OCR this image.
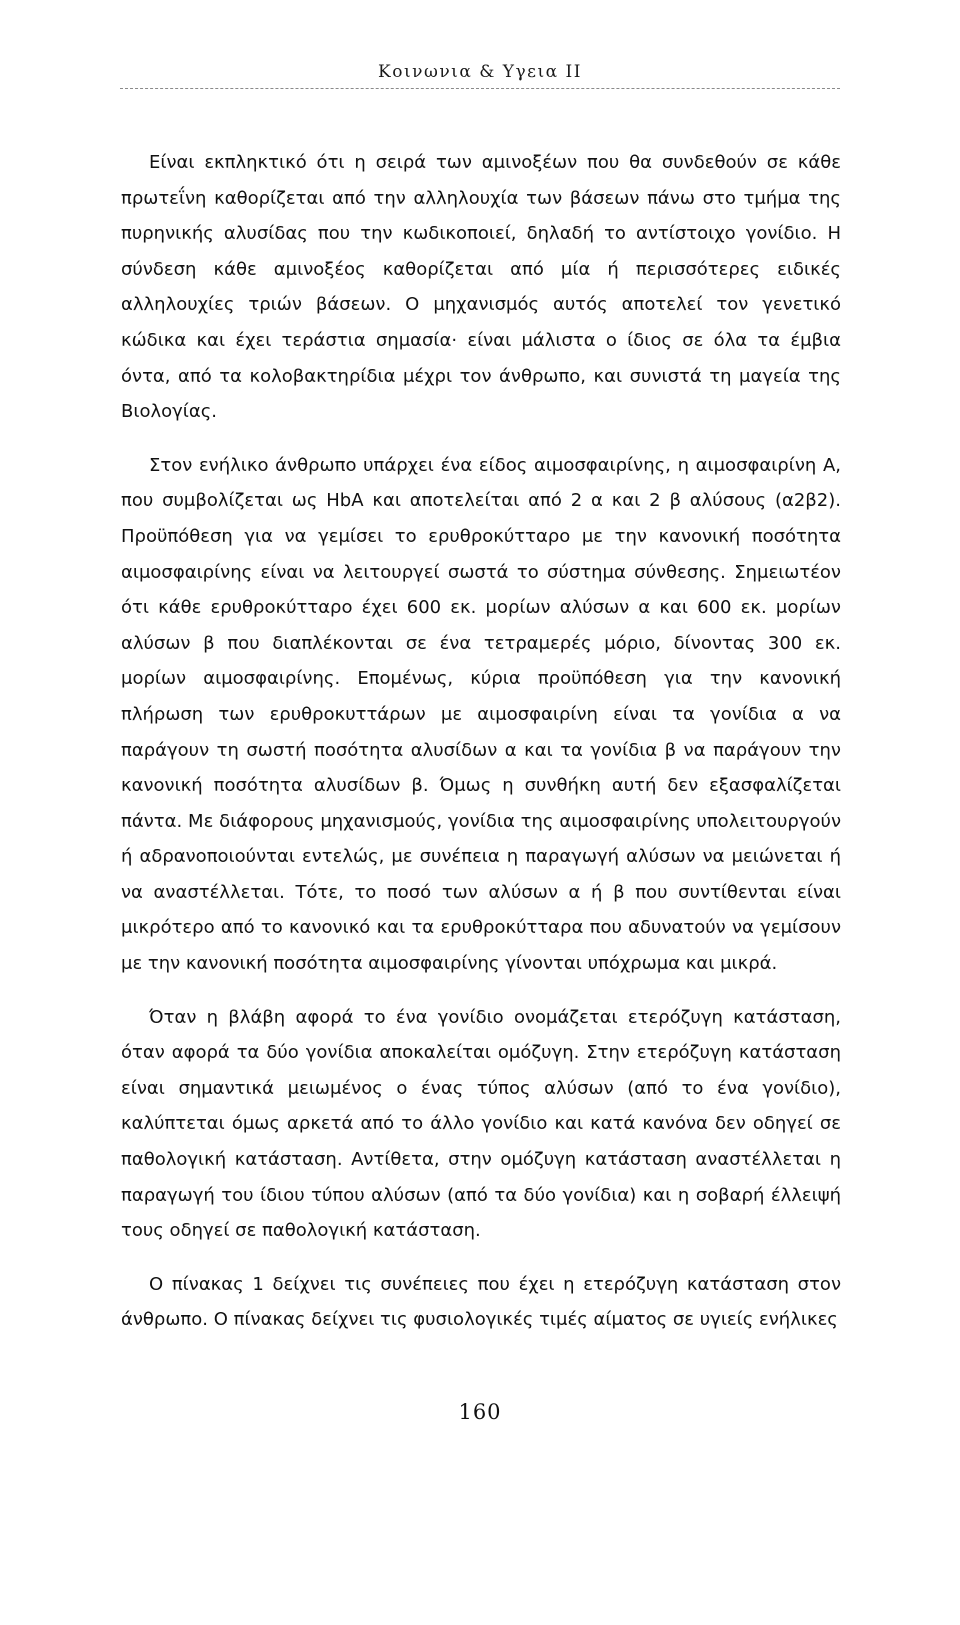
Κοινωνια & Υγεια II

Είναι εκπληκτικό ότι η σειρά των αμινοξέων που θα συνδεθούν σε κάθε πρωτεΐνη καθορίζεται από την αλληλουχία των βάσεων πάνω στο τμήμα της πυρηνικής αλυσίδας που την κωδικοποιεί, δηλαδή το αντίστοιχο γονίδιο. Η σύνδεση κάθε αμινοξέος καθορίζεται από μία ή περισσότερες ειδικές αλληλουχίες τριών βάσεων. Ο μηχανισμός αυτός αποτελεί τον γενετικό κώδικα και έχει τεράστια σημασία· είναι μάλιστα ο ίδιος σε όλα τα έμβια όντα, από τα κολοβακτηρίδια μέχρι τον άνθρωπο, και συνιστά τη μαγεία της Βιολογίας.

Στον ενήλικο άνθρωπο υπάρχει ένα είδος αιμοσφαιρίνης, η αιμοσφαιρίνη Α, που συμβολίζεται ως HbA και αποτελείται από 2 α και 2 β αλύσους (α2β2). Προϋπόθεση για να γεμίσει το ερυθροκύτταρο με την κανονική ποσότητα αιμοσφαιρίνης είναι να λειτουργεί σωστά το σύστημα σύνθεσης. Σημειωτέον ότι κάθε ερυθροκύτταρο έχει 600 εκ. μορίων αλύσων α και 600 εκ. μορίων αλύσων β που διαπλέκονται σε ένα τετραμερές μόριο, δίνοντας 300 εκ. μορίων αιμοσφαιρίνης. Επομένως, κύρια προϋπόθεση για την κανονική πλήρωση των ερυθροκυττάρων με αιμοσφαιρίνη είναι τα γονίδια α να παράγουν τη σωστή ποσότητα αλυσίδων α και τα γονίδια β να παράγουν την κανονική ποσότητα αλυσίδων β. Όμως η συνθήκη αυτή δεν εξασφαλίζεται πάντα. Με διάφορους μηχανισμούς, γονίδια της αιμοσφαιρίνης υπολειτουργούν ή αδρανοποιούνται εντελώς, με συνέπεια η παραγωγή αλύσων να μειώνεται ή να αναστέλλεται. Τότε, το ποσό των αλύσων α ή β που συντίθενται είναι μικρότερο από το κανονικό και τα ερυθροκύτταρα που αδυνατούν να γεμίσουν με την κανονική ποσότητα αιμοσφαιρίνης γίνονται υπόχρωμα και μικρά.

Όταν η βλάβη αφορά το ένα γονίδιο ονομάζεται ετερόζυγη κατάσταση, όταν αφορά τα δύο γονίδια αποκαλείται ομόζυγη. Στην ετερόζυγη κατάσταση είναι σημαντικά μειωμένος ο ένας τύπος αλύσων (από το ένα γονίδιο), καλύπτεται όμως αρκετά από το άλλο γονίδιο και κατά κανόνα δεν οδηγεί σε παθολογική κατάσταση. Αντίθετα, στην ομόζυγη κατάσταση αναστέλλεται η παραγωγή του ίδιου τύπου αλύσων (από τα δύο γονίδια) και η σοβαρή έλλειψή τους οδηγεί σε παθολογική κατάσταση.

Ο πίνακας 1 δείχνει τις συνέπειες που έχει η ετερόζυγη κατάσταση στον άνθρωπο. Ο πίνακας δείχνει τις φυσιολογικές τιμές αίματος σε υγιείς ενήλικες

160
